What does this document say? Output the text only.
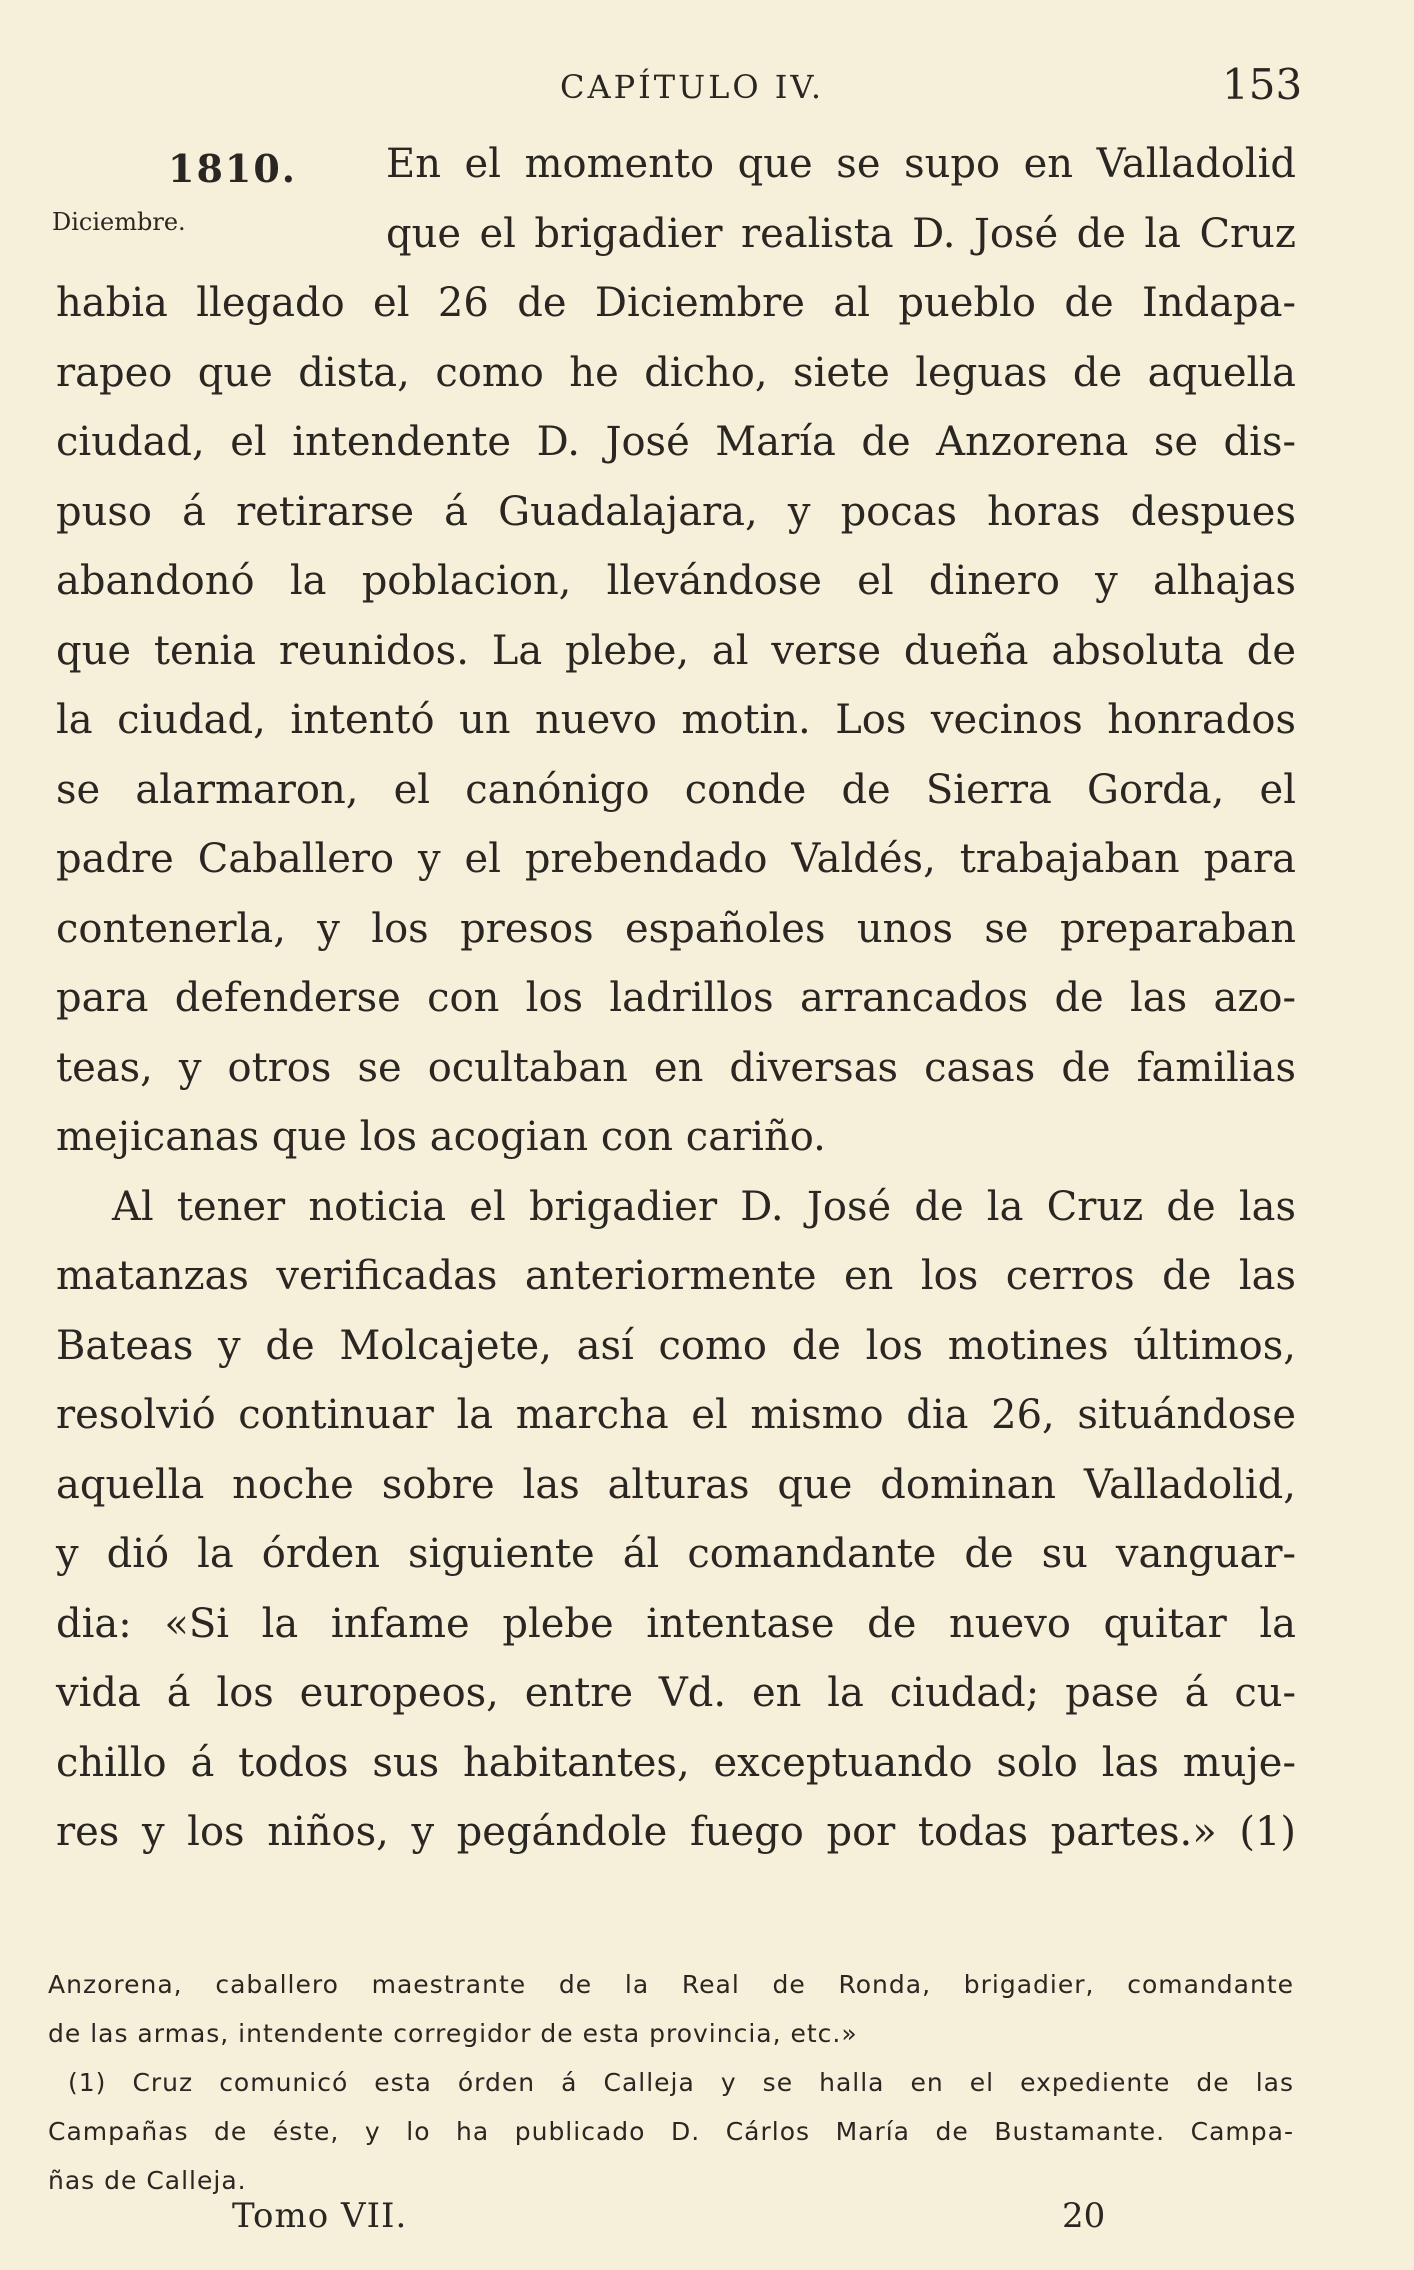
CAPÍTULO IV.	153
1810.
Diciembre.

En el momento que se supo en Valladolid

que el brigadier realista D. José de la Cruz

habia llegado el 26 de Diciembre al pueblo de Indapa-

rapeo que dista, como he dicho, siete leguas de aquella

ciudad, el intendente D. José María de Anzorena se dis-

puso á retirarse á Guadalajara, y pocas horas despues

abandonó la poblacion, llevándose el dinero y alhajas

que tenia reunidos. La plebe, al verse dueña absoluta de

la ciudad, intentó un nuevo motin. Los vecinos honrados

se alarmaron, el canónigo conde de Sierra Gorda, el

padre Caballero y el prebendado Valdés, trabajaban para

contenerla, y los presos españoles unos se preparaban

para defenderse con los ladrillos arrancados de las azo-

teas, y otros se ocultaban en diversas casas de familias

mejicanas que los acogian con cariño.

Al tener noticia el brigadier D. José de la Cruz de las

matanzas verificadas anteriormente en los cerros de las

Bateas y de Molcajete, así como de los motines últimos,

resolvió continuar la marcha el mismo dia 26, situándose

aquella noche sobre las alturas que dominan Valladolid,

y dió la órden siguiente ál comandante de su vanguar-

dia: «Si la infame plebe intentase de nuevo quitar la

vida á los europeos, entre Vd. en la ciudad; pase á cu-

chillo á todos sus habitantes, exceptuando solo las muje-

res y los niños, y pegándole fuego por todas partes.» (1)

Anzorena, caballero maestrante de la Real de Ronda, brigadier, comandante
de las armas, intendente corregidor de esta provincia, etc.»
(1) Cruz comunicó esta órden á Calleja y se halla en el expediente de las
Campañas de éste, y lo ha publicado D. Cárlos María de Bustamante. Campa-
ñas de Calleja.
Tomo VII.	20
